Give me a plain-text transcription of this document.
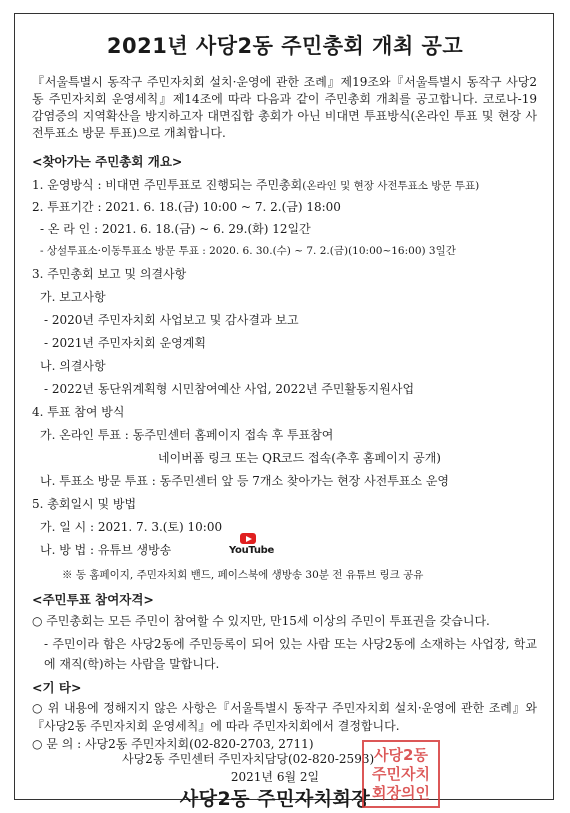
2021년 사당2동 주민총회 개최 공고
『서울특별시 동작구 주민자치회 설치·운영에 관한 조례』제19조와『서울특별시 동작구 사당2동 주민자치회 운영세칙』제14조에 따라 다음과 같이 주민총회 개최를 공고합니다. 코로나-19 감염증의 지역확산을 방지하고자 대면집합 총회가 아닌 비대면 투표방식(온라인 투표 및 현장 사전투표소 방문 투표)으로 개최합니다.
<찾아가는 주민총회 개요>
1. 운영방식 : 비대면 주민투표로 진행되는 주민총회(온라인 및 현장 사전투표소 방문 투표)
2. 투표기간 : 2021. 6. 18.(금) 10:00 ~ 7. 2.(금) 18:00
- 온 라 인 : 2021. 6. 18.(금) ~ 6. 29.(화) 12일간
- 상설투표소·이동투표소 방문 투표 : 2020. 6. 30.(수) ~ 7. 2.(금)(10:00~16:00) 3일간
3. 주민총회 보고 및 의결사항
가. 보고사항
- 2020년 주민자치회 사업보고 및 감사결과 보고
- 2021년 주민자치회 운영계획
나. 의결사항
- 2022년 동단위계획형 시민참여예산 사업, 2022년 주민활동지원사업
4. 투표 참여 방식
가. 온라인 투표 : 동주민센터 홈페이지 접속 후 투표참여
네이버폼 링크 또는 QR코드 접속(추후 홈페이지 공개)
나. 투표소 방문 투표 : 동주민센터 앞 등 7개소 찾아가는 현장 사전투표소 운영
5. 총회일시 및 방법
가. 일 시 : 2021. 7. 3.(토) 10:00
나. 방 법 : 유튜브 생방송	YouTube
※ 동 홈페이지, 주민자치회 밴드, 페이스북에 생방송 30분 전 유튜브 링크 공유
<주민투표 참여자격>
○ 주민총회는 모든 주민이 참여할 수 있지만, 만15세 이상의 주민이 투표권을 갖습니다.
- 주민이라 함은 사당2동에 주민등록이 되어 있는 사람 또는 사당2동에 소재하는 사업장, 학교에 재직(학)하는 사람을 말합니다.
<기 타>
○ 위 내용에 정해지지 않은 사항은『서울특별시 동작구 주민자치회 설치·운영에 관한 조례』와 『사당2동 주민자치회 운영세칙』에 따라 주민자치회에서 결정합니다.
○ 문 의 : 사당2동 주민자치회(02-820-2703, 2711)
2021년 6월 2일
사당2동 주민센터 주민자치담당(02-820-2593)
사당2동 주민자치회장
사당2동
주민자치
회장의인
